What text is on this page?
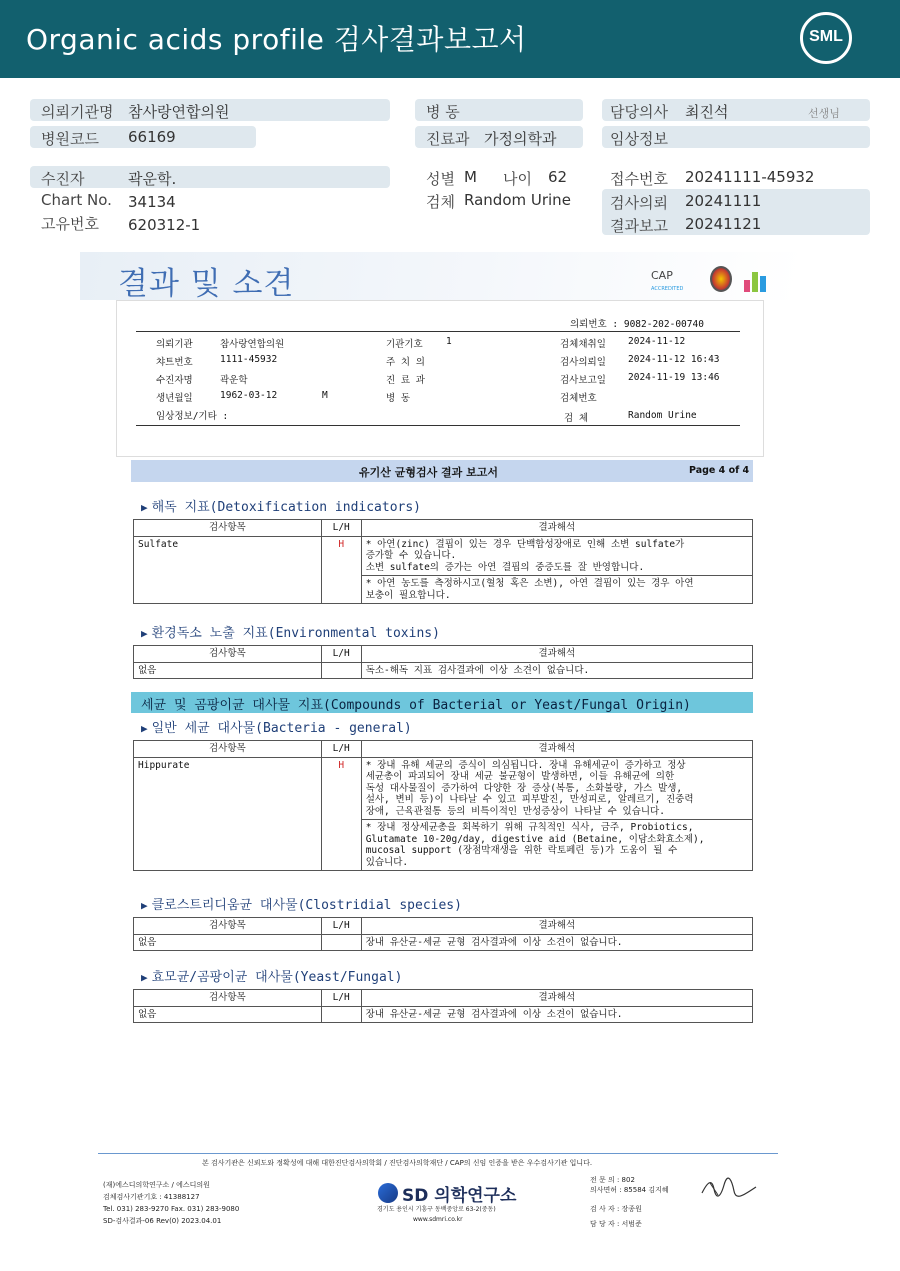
Organic acids profile 검사결과보고서	SML
의뢰기관명 참사랑연합의원
병원코드 66169
병 동
진료과 가정의학과
담당의사 최진석	선생님
임상정보
수진자	곽운학.
Chart No. 34134
고유번호 620312-1
성별 M 나이 62
검체 Random Urine
접수번호 20241111-45932
검사의뢰 20241111
결과보고 20241121
결과 및 소견	CAP
ACCREDITED
의뢰번호 : 9082-202-00740
의뢰기관	참사랑연합의원	기관기호 1	검체채취일 2024-11-12
챠트번호	1111-45932	주 치 의	검사의뢰일 2024-11-12 16:43
수진자명	곽운학	진 료 과	검사보고일 2024-11-19 13:46
생년월일	1962-03-12	M	병 동	검체번호
임상정보/기타 :	검 체	Random Urine
유기산 균형검사 결과 보고서	Page 4 of 4
▶ 해독 지표(Detoxification indicators)
검사항목	L/H	결과해석
Sulfate	H	* 아연(zinc) 결핍이 있는 경우 단백합성장애로 인해 소변 sulfate가
증가할 수 있습니다.
소변 sulfate의 증가는 아연 결핍의 중증도를 잘 반영합니다.
		* 아연 농도를 측정하시고(혈청 혹은 소변), 아연 결핍이 있는 경우 아연
보충이 필요합니다.
▶ 환경독소 노출 지표(Environmental toxins)
검사항목	L/H	결과해석
없음		독소-해독 지표 검사결과에 이상 소견이 없습니다.
세균 및 곰팡이균 대사물 지표(Compounds of Bacterial or Yeast/Fungal Origin)
▶ 일반 세균 대사물(Bacteria - general)
검사항목	L/H	결과해석
Hippurate	H	* 장내 유해 세균의 증식이 의심됩니다. 장내 유해세균이 증가하고 정상
세균총이 파괴되어 장내 세균 불균형이 발생하면, 이들 유해균에 의한
독성 대사물질이 증가하여 다양한 장 증상(복통, 소화불량, 가스 발생,
설사, 변비 등)이 나타날 수 있고 피부발진, 만성피로, 알레르기, 진중력
장애, 근육관절통 등의 비특이적인 만성증상이 나타날 수 있습니다.
		* 장내 정상세균총을 회복하기 위해 규칙적인 식사, 금주, Probiotics,
Glutamate 10-20g/day, digestive aid (Betaine, 이담소화효소제),
mucosal support (장점막재생을 위한 락토페린 등)가 도움이 될 수
있습니다.
▶ 클로스트리디움균 대사물(Clostridial species)
검사항목	L/H	결과해석
없음		장내 유산균-세균 균형 검사결과에 이상 소견이 없습니다.
▶ 효모균/곰팡이균 대사물(Yeast/Fungal)
검사항목	L/H	결과해석
없음		장내 유산균-세균 균형 검사결과에 이상 소견이 없습니다.
본 검사기관은 신뢰도와 정확성에 대해 대한진단검사의학회 / 진단검사의학재단 / CAP의 신임 인증을 받은 우수검사기관 입니다.
(재)에스디의학연구소 / 에스디의원
검체검사기관기호 : 41388127
Tel. 031) 283-9270 Fax. 031) 283-9080
SD-검사결과-06 Rev(0) 2023.04.01
SD 의학연구소
경기도 용인시 기흥구 동백중앙로 63-2(중동)
www.sdmri.co.kr
전 문 의 : 802
의사면허 : 85584 김지혜
검 사 자 : 장종원
담 당 자 : 서범준
